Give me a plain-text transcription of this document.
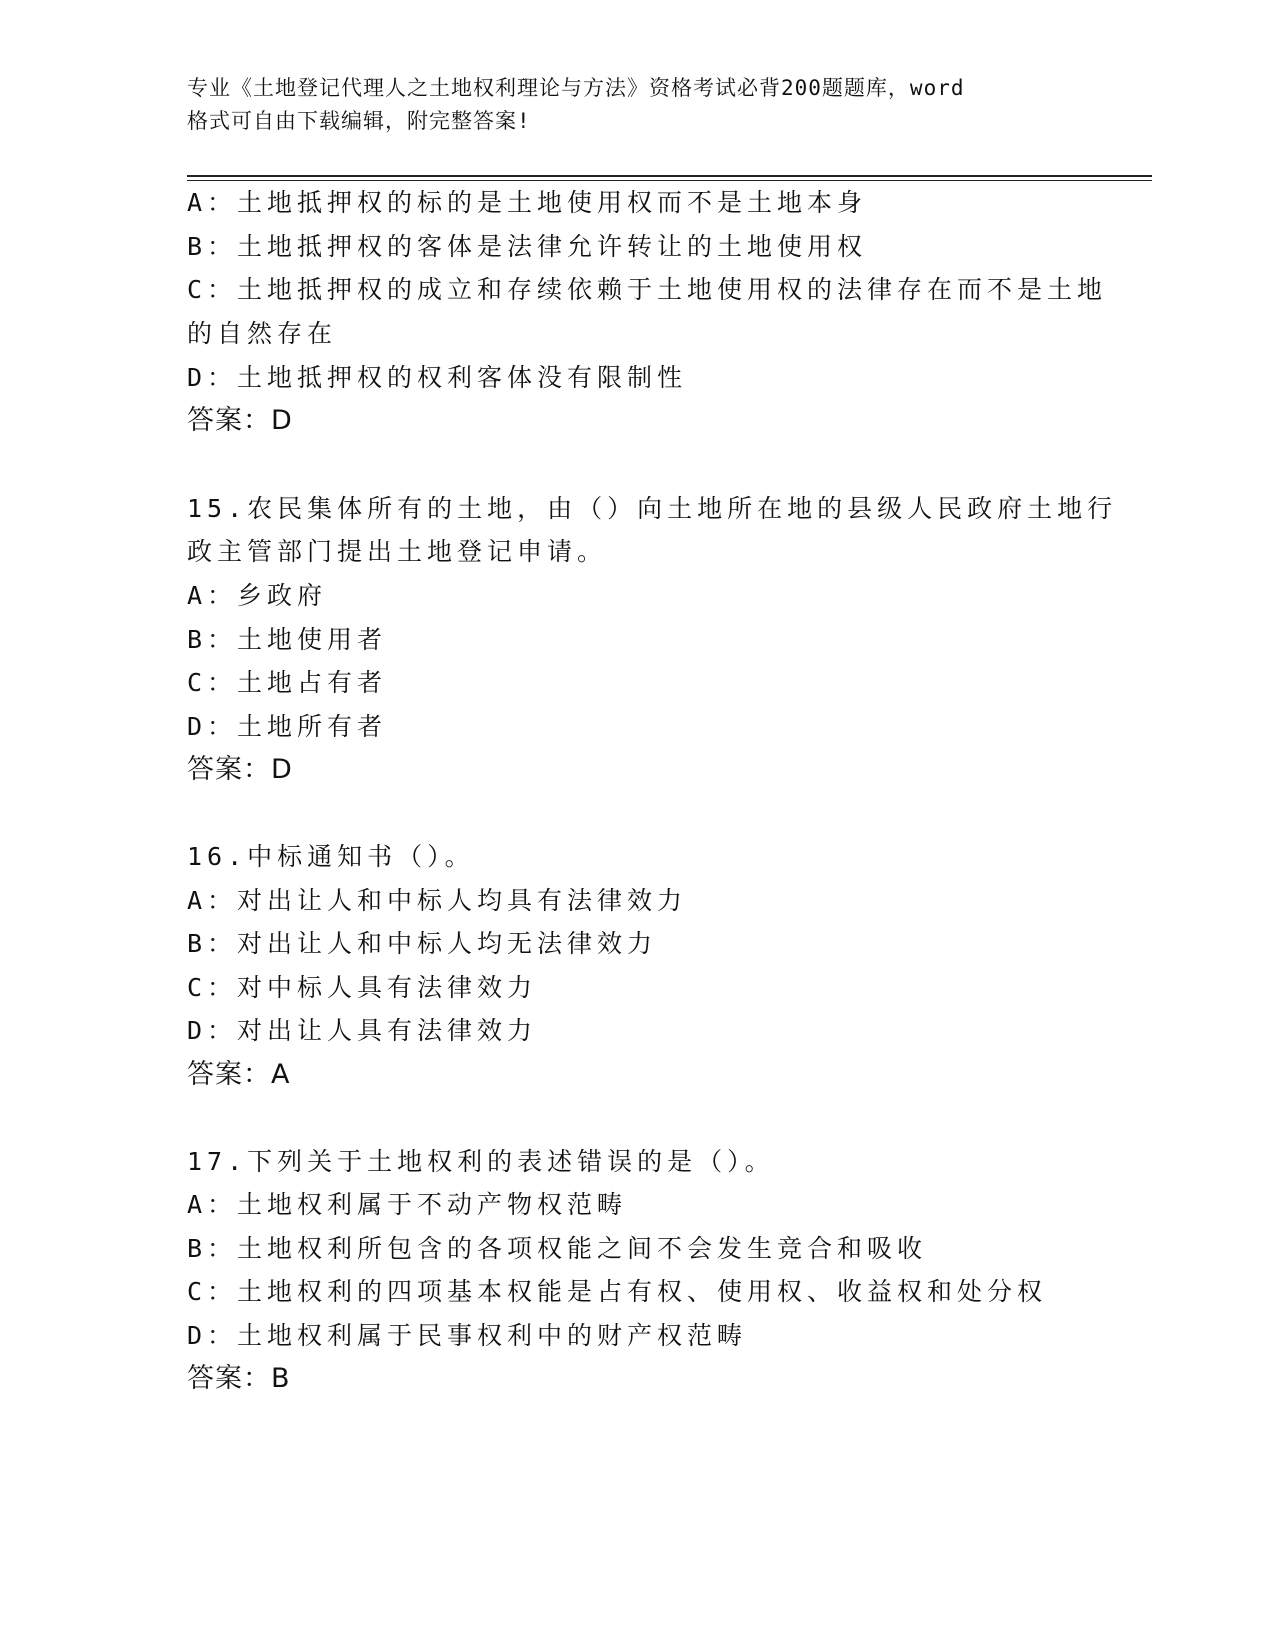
专业《土地登记代理人之土地权利理论与方法》资格考试必背200题题库，word
格式可自由下载编辑，附完整答案!
A：土地抵押权的标的是土地使用权而不是土地本身
B：土地抵押权的客体是法律允许转让的土地使用权
C：土地抵押权的成立和存续依赖于土地使用权的法律存在而不是土地
的自然存在
D：土地抵押权的权利客体没有限制性
答案：D
15.农民集体所有的土地，由（）向土地所在地的县级人民政府土地行
政主管部门提出土地登记申请。
A：乡政府
B：土地使用者
C：土地占有者
D：土地所有者
答案：D
16.中标通知书（）。
A：对出让人和中标人均具有法律效力
B：对出让人和中标人均无法律效力
C：对中标人具有法律效力
D：对出让人具有法律效力
答案：A
17.下列关于土地权利的表述错误的是（）。
A：土地权利属于不动产物权范畴
B：土地权利所包含的各项权能之间不会发生竞合和吸收
C：土地权利的四项基本权能是占有权、使用权、收益权和处分权
D：土地权利属于民事权利中的财产权范畴
答案：B
